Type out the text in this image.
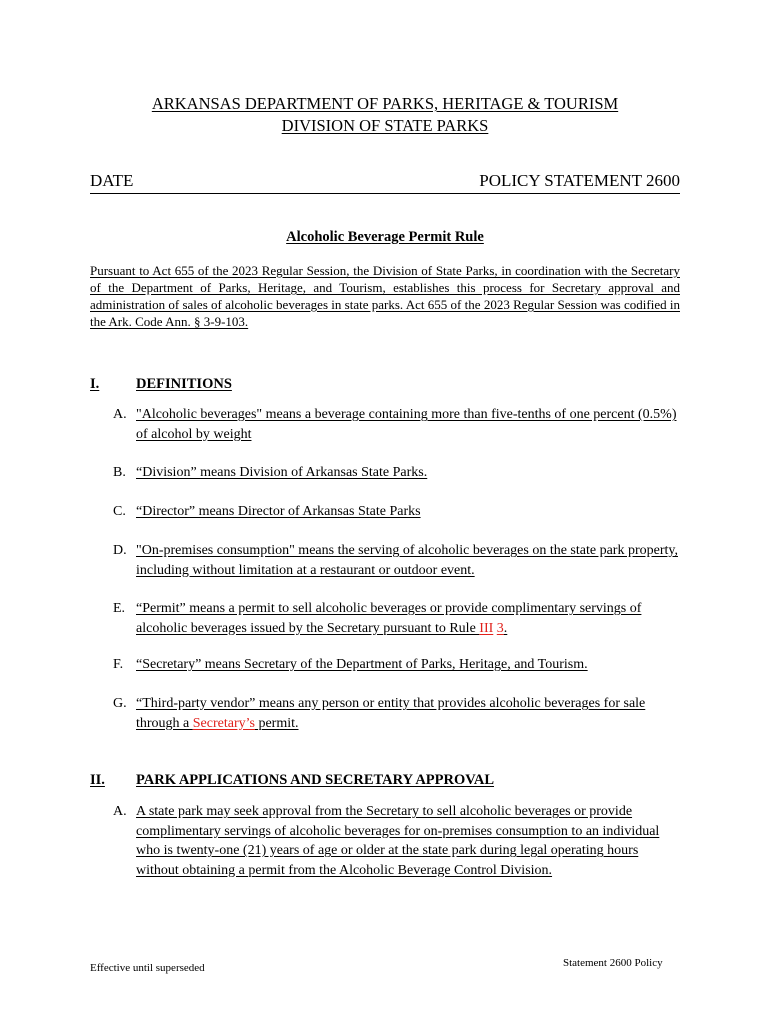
ARKANSAS DEPARTMENT OF PARKS, HERITAGE & TOURISM
DIVISION OF STATE PARKS
DATE	POLICY STATEMENT 2600
Alcoholic Beverage Permit Rule
Pursuant to Act 655 of the 2023 Regular Session, the Division of State Parks, in coordination with the Secretary of the Department of Parks, Heritage, and Tourism, establishes this process for Secretary approval and administration of sales of alcoholic beverages in state parks. Act 655 of the 2023 Regular Session was codified in the Ark. Code Ann. § 3-9-103.
I.	DEFINITIONS
A. "Alcoholic beverages" means a beverage containing more than five-tenths of one percent (0.5%) of alcohol by weight
B. “Division” means Division of Arkansas State Parks.
C. “Director” means Director of Arkansas State Parks
D. "On-premises consumption" means the serving of alcoholic beverages on the state park property, including without limitation at a restaurant or outdoor event.
E. “Permit” means a permit to sell alcoholic beverages or provide complimentary servings of alcoholic beverages issued by the Secretary pursuant to Rule III 3.
F. “Secretary” means Secretary of the Department of Parks, Heritage, and Tourism.
G. “Third-party vendor” means any person or entity that provides alcoholic beverages for sale through a Secretary’s permit.
II. PARK APPLICATIONS AND SECRETARY APPROVAL
A. A state park may seek approval from the Secretary to sell alcoholic beverages or provide complimentary servings of alcoholic beverages for on-premises consumption to an individual who is twenty-one (21) years of age or older at the state park during legal operating hours without obtaining a permit from the Alcoholic Beverage Control Division.
Effective until superseded	Statement 2600 Policy
